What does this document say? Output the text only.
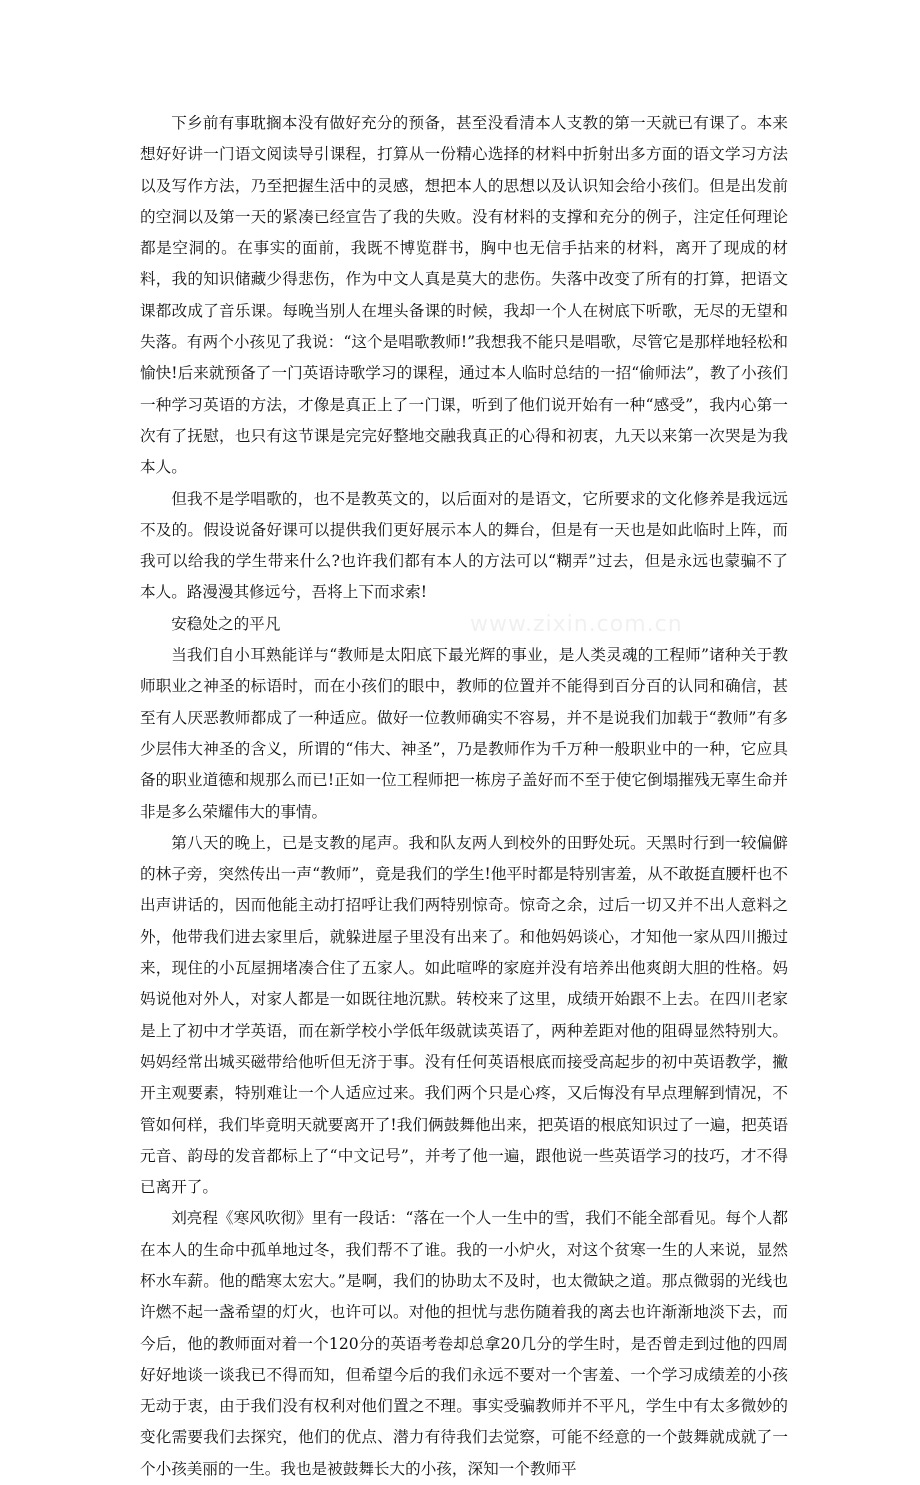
下乡前有事耽搁本没有做好充分的预备，甚至没看清本人支教的第一天就已有课了。本来想好好讲一门语文阅读导引课程，打算从一份精心选择的材料中折射出多方面的语文学习方法以及写作方法，乃至把握生活中的灵感，想把本人的思想以及认识知会给小孩们。但是出发前的空洞以及第一天的紧凑已经宣告了我的失败。没有材料的支撑和充分的例子，注定任何理论都是空洞的。在事实的面前，我既不博览群书，胸中也无信手拈来的材料，离开了现成的材料，我的知识储藏少得悲伤，作为中文人真是莫大的悲伤。失落中改变了所有的打算，把语文课都改成了音乐课。每晚当别人在埋头备课的时候，我却一个人在树底下听歌，无尽的无望和失落。有两个小孩见了我说：“这个是唱歌教师!”我想我不能只是唱歌，尽管它是那样地轻松和愉快!后来就预备了一门英语诗歌学习的课程，通过本人临时总结的一招“偷师法”，教了小孩们一种学习英语的方法，才像是真正上了一门课，听到了他们说开始有一种“感受”，我内心第一次有了抚慰，也只有这节课是完完好整地交融我真正的心得和初衷，九天以来第一次哭是为我本人。

但我不是学唱歌的，也不是教英文的，以后面对的是语文，它所要求的文化修养是我远远不及的。假设说备好课可以提供我们更好展示本人的舞台，但是有一天也是如此临时上阵，而我可以给我的学生带来什么?也许我们都有本人的方法可以“糊弄”过去，但是永远也蒙骗不了本人。路漫漫其修远兮，吾将上下而求索!

安稳处之的平凡

当我们自小耳熟能详与“教师是太阳底下最光辉的事业，是人类灵魂的工程师”诸种关于教师职业之神圣的标语时，而在小孩们的眼中，教师的位置并不能得到百分百的认同和确信，甚至有人厌恶教师都成了一种适应。做好一位教师确实不容易，并不是说我们加载于“教师”有多少层伟大神圣的含义，所谓的“伟大、神圣”，乃是教师作为千万种一般职业中的一种，它应具备的职业道德和规那么而已!正如一位工程师把一栋房子盖好而不至于使它倒塌摧残无辜生命并非是多么荣耀伟大的事情。

第八天的晚上，已是支教的尾声。我和队友两人到校外的田野处玩。天黑时行到一较偏僻的林子旁，突然传出一声“教师”，竟是我们的学生!他平时都是特别害羞，从不敢挺直腰杆也不出声讲话的，因而他能主动打招呼让我们两特别惊奇。惊奇之余，过后一切又并不出人意料之外，他带我们进去家里后，就躲进屋子里没有出来了。和他妈妈谈心，才知他一家从四川搬过来，现住的小瓦屋拥堵凑合住了五家人。如此喧哗的家庭并没有培养出他爽朗大胆的性格。妈妈说他对外人，对家人都是一如既往地沉默。转校来了这里，成绩开始跟不上去。在四川老家是上了初中才学英语，而在新学校小学低年级就读英语了，两种差距对他的阻碍显然特别大。妈妈经常出城买磁带给他听但无济于事。没有任何英语根底而接受高起步的初中英语教学，撇开主观要素，特别难让一个人适应过来。我们两个只是心疼，又后悔没有早点理解到情况，不管如何样，我们毕竟明天就要离开了!我们俩鼓舞他出来，把英语的根底知识过了一遍，把英语元音、韵母的发音都标上了“中文记号”，并考了他一遍，跟他说一些英语学习的技巧，才不得已离开了。

刘亮程《寒风吹彻》里有一段话：“落在一个人一生中的雪，我们不能全部看见。每个人都在本人的生命中孤单地过冬，我们帮不了谁。我的一小炉火，对这个贫寒一生的人来说，显然杯水车薪。他的酷寒太宏大。”是啊，我们的协助太不及时，也太微缺之道。那点微弱的光线也许燃不起一盏希望的灯火，也许可以。对他的担忧与悲伤随着我的离去也许渐渐地淡下去，而今后，他的教师面对着一个120分的英语考卷却总拿20几分的学生时，是否曾走到过他的四周好好地谈一谈我已不得而知，但希望今后的我们永远不要对一个害羞、一个学习成绩差的小孩无动于衷，由于我们没有权利对他们置之不理。事实受骗教师并不平凡，学生中有太多微妙的变化需要我们去探究，他们的优点、潜力有待我们去觉察，可能不经意的一个鼓舞就成就了一个小孩美丽的一生。我也是被鼓舞长大的小孩，深知一个教师平

www.zixin.com.cn
